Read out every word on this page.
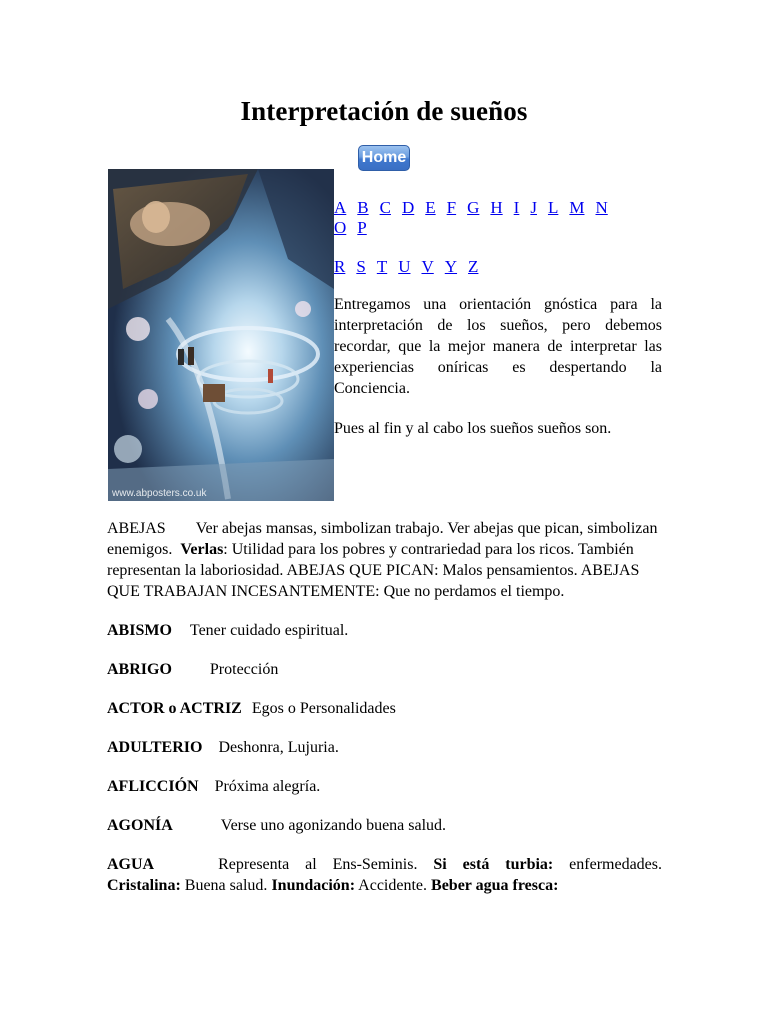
Interpretación de sueños
Home
www.abposters.co.uk
A B C D E F G H I J L M N
O P
R S T U V Y Z

Entregamos una orientación gnóstica para la interpretación de los sueños, pero debemos recordar, que la mejor manera de interpretar las experiencias oníricas es despertando la Conciencia.

Pues al fin y al cabo los sueños sueños son.

ABEJAS Ver abejas mansas, simbolizan trabajo. Ver abejas que pican, simbolizan enemigos. Verlas: Utilidad para los pobres y contrariedad para los ricos. También representan la laboriosidad. ABEJAS QUE PICAN: Malos pensamientos. ABEJAS QUE TRABAJAN INCESANTEMENTE: Que no perdamos el tiempo.
ABISMO Tener cuidado espiritual.
ABRIGO Protección
ACTOR o ACTRIZ Egos o Personalidades
ADULTERIO Deshonra, Lujuria.
AFLICCIÓN Próxima alegría.
AGONÍA	Verse uno agonizando buena salud.
AGUA	Representa al Ens-Seminis. Si está turbia: enfermedades. Cristalina: Buena salud. Inundación: Accidente. Beber agua fresca:
